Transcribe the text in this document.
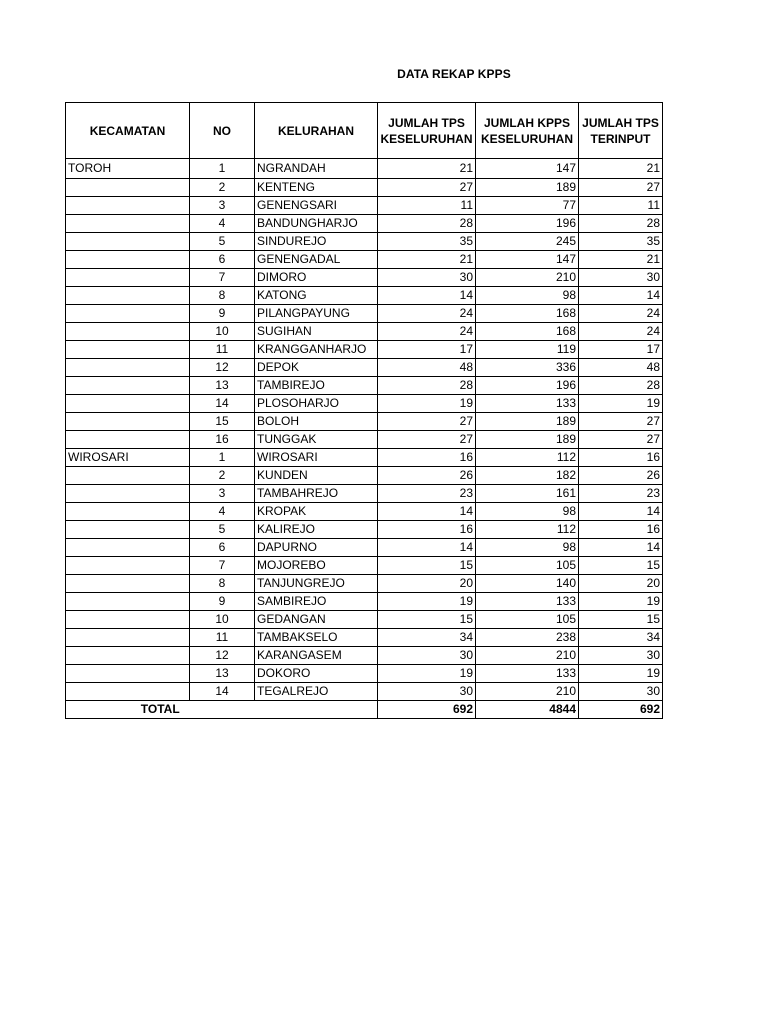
DATA REKAP KPPS
KECAMATAN	NO	KELURAHAN	JUMLAH TPS KESELURUHAN	JUMLAH KPPS KESELURUHAN	JUMLAH TPS TERINPUT
TOROH	1	NGRANDAH	21	147	21
	2	KENTENG	27	189	27
	3	GENENGSARI	11	77	11
	4	BANDUNGHARJO	28	196	28
	5	SINDUREJO	35	245	35
	6	GENENGADAL	21	147	21
	7	DIMORO	30	210	30
	8	KATONG	14	98	14
	9	PILANGPAYUNG	24	168	24
	10	SUGIHAN	24	168	24
	11	KRANGGANHARJO	17	119	17
	12	DEPOK	48	336	48
	13	TAMBIREJO	28	196	28
	14	PLOSOHARJO	19	133	19
	15	BOLOH	27	189	27
	16	TUNGGAK	27	189	27
WIROSARI	1	WIROSARI	16	112	16
	2	KUNDEN	26	182	26
	3	TAMBAHREJO	23	161	23
	4	KROPAK	14	98	14
	5	KALIREJO	16	112	16
	6	DAPURNO	14	98	14
	7	MOJOREBO	15	105	15
	8	TANJUNGREJO	20	140	20
	9	SAMBIREJO	19	133	19
	10	GEDANGAN	15	105	15
	11	TAMBAKSELO	34	238	34
	12	KARANGASEM	30	210	30
	13	DOKORO	19	133	19
	14	TEGALREJO	30	210	30
TOTAL			692	4844	692
